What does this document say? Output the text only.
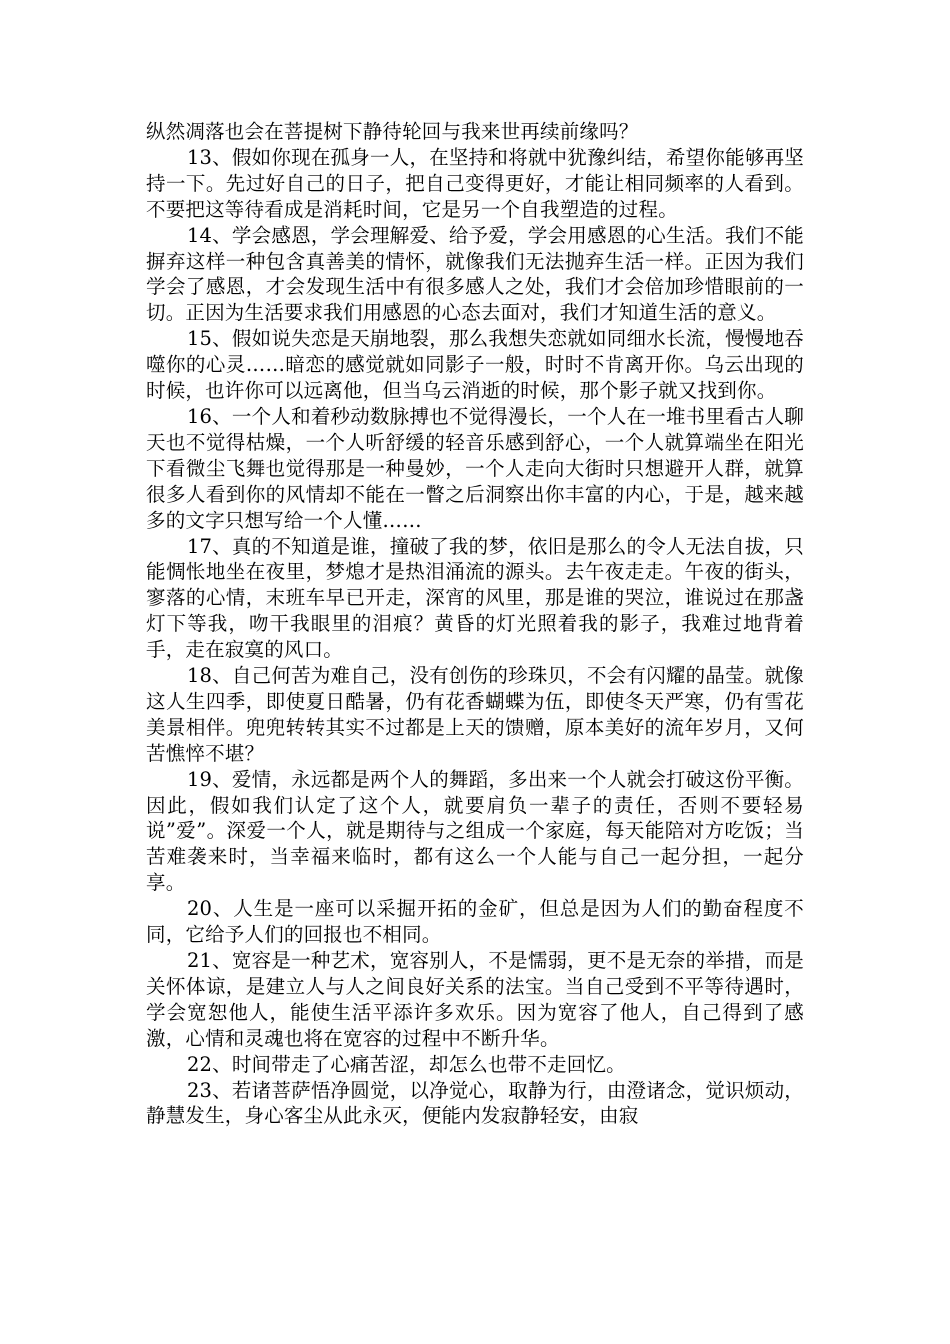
纵然凋落也会在菩提树下静待轮回与我来世再续前缘吗？

13、假如你现在孤身一人，在坚持和将就中犹豫纠结，希望你能够再坚持一下。先过好自己的日子，把自己变得更好，才能让相同频率的人看到。不要把这等待看成是消耗时间，它是另一个自我塑造的过程。

14、学会感恩，学会理解爱、给予爱，学会用感恩的心生活。我们不能摒弃这样一种包含真善美的情怀，就像我们无法抛弃生活一样。正因为我们学会了感恩，才会发现生活中有很多感人之处，我们才会倍加珍惜眼前的一切。正因为生活要求我们用感恩的心态去面对，我们才知道生活的意义。

15、假如说失恋是天崩地裂，那么我想失恋就如同细水长流，慢慢地吞噬你的心灵……暗恋的感觉就如同影子一般，时时不肯离开你。乌云出现的时候，也许你可以远离他，但当乌云消逝的时候，那个影子就又找到你。

16、一个人和着秒动数脉搏也不觉得漫长，一个人在一堆书里看古人聊天也不觉得枯燥，一个人听舒缓的轻音乐感到舒心，一个人就算端坐在阳光下看微尘飞舞也觉得那是一种曼妙，一个人走向大街时只想避开人群，就算很多人看到你的风情却不能在一瞥之后洞察出你丰富的内心，于是，越来越多的文字只想写给一个人懂……

17、真的不知道是谁，撞破了我的梦，依旧是那么的令人无法自拔，只能惆怅地坐在夜里，梦熄才是热泪涌流的源头。去午夜走走。午夜的街头，寥落的心情，末班车早已开走，深宵的风里，那是谁的哭泣，谁说过在那盏灯下等我，吻干我眼里的泪痕？黄昏的灯光照着我的影子，我难过地背着手，走在寂寞的风口。

18、自己何苦为难自己，没有创伤的珍珠贝，不会有闪耀的晶莹。就像这人生四季，即使夏日酷暑，仍有花香蝴蝶为伍，即使冬天严寒，仍有雪花美景相伴。兜兜转转其实不过都是上天的馈赠，原本美好的流年岁月，又何苦憔悴不堪？

19、爱情，永远都是两个人的舞蹈，多出来一个人就会打破这份平衡。因此，假如我们认定了这个人，就要肩负一辈子的责任，否则不要轻易说”爱”。深爱一个人，就是期待与之组成一个家庭，每天能陪对方吃饭；当苦难袭来时，当幸福来临时，都有这么一个人能与自己一起分担，一起分享。

20、人生是一座可以采掘开拓的金矿，但总是因为人们的勤奋程度不同，它给予人们的回报也不相同。

21、宽容是一种艺术，宽容别人，不是懦弱，更不是无奈的举措，而是关怀体谅，是建立人与人之间良好关系的法宝。当自己受到不平等待遇时，学会宽恕他人，能使生活平添许多欢乐。因为宽容了他人，自己得到了感激，心情和灵魂也将在宽容的过程中不断升华。

22、时间带走了心痛苦涩，却怎么也带不走回忆。

23、若诸菩萨悟净圆觉，以净觉心，取静为行，由澄诸念，觉识烦动，静慧发生，身心客尘从此永灭，便能内发寂静轻安，由寂
